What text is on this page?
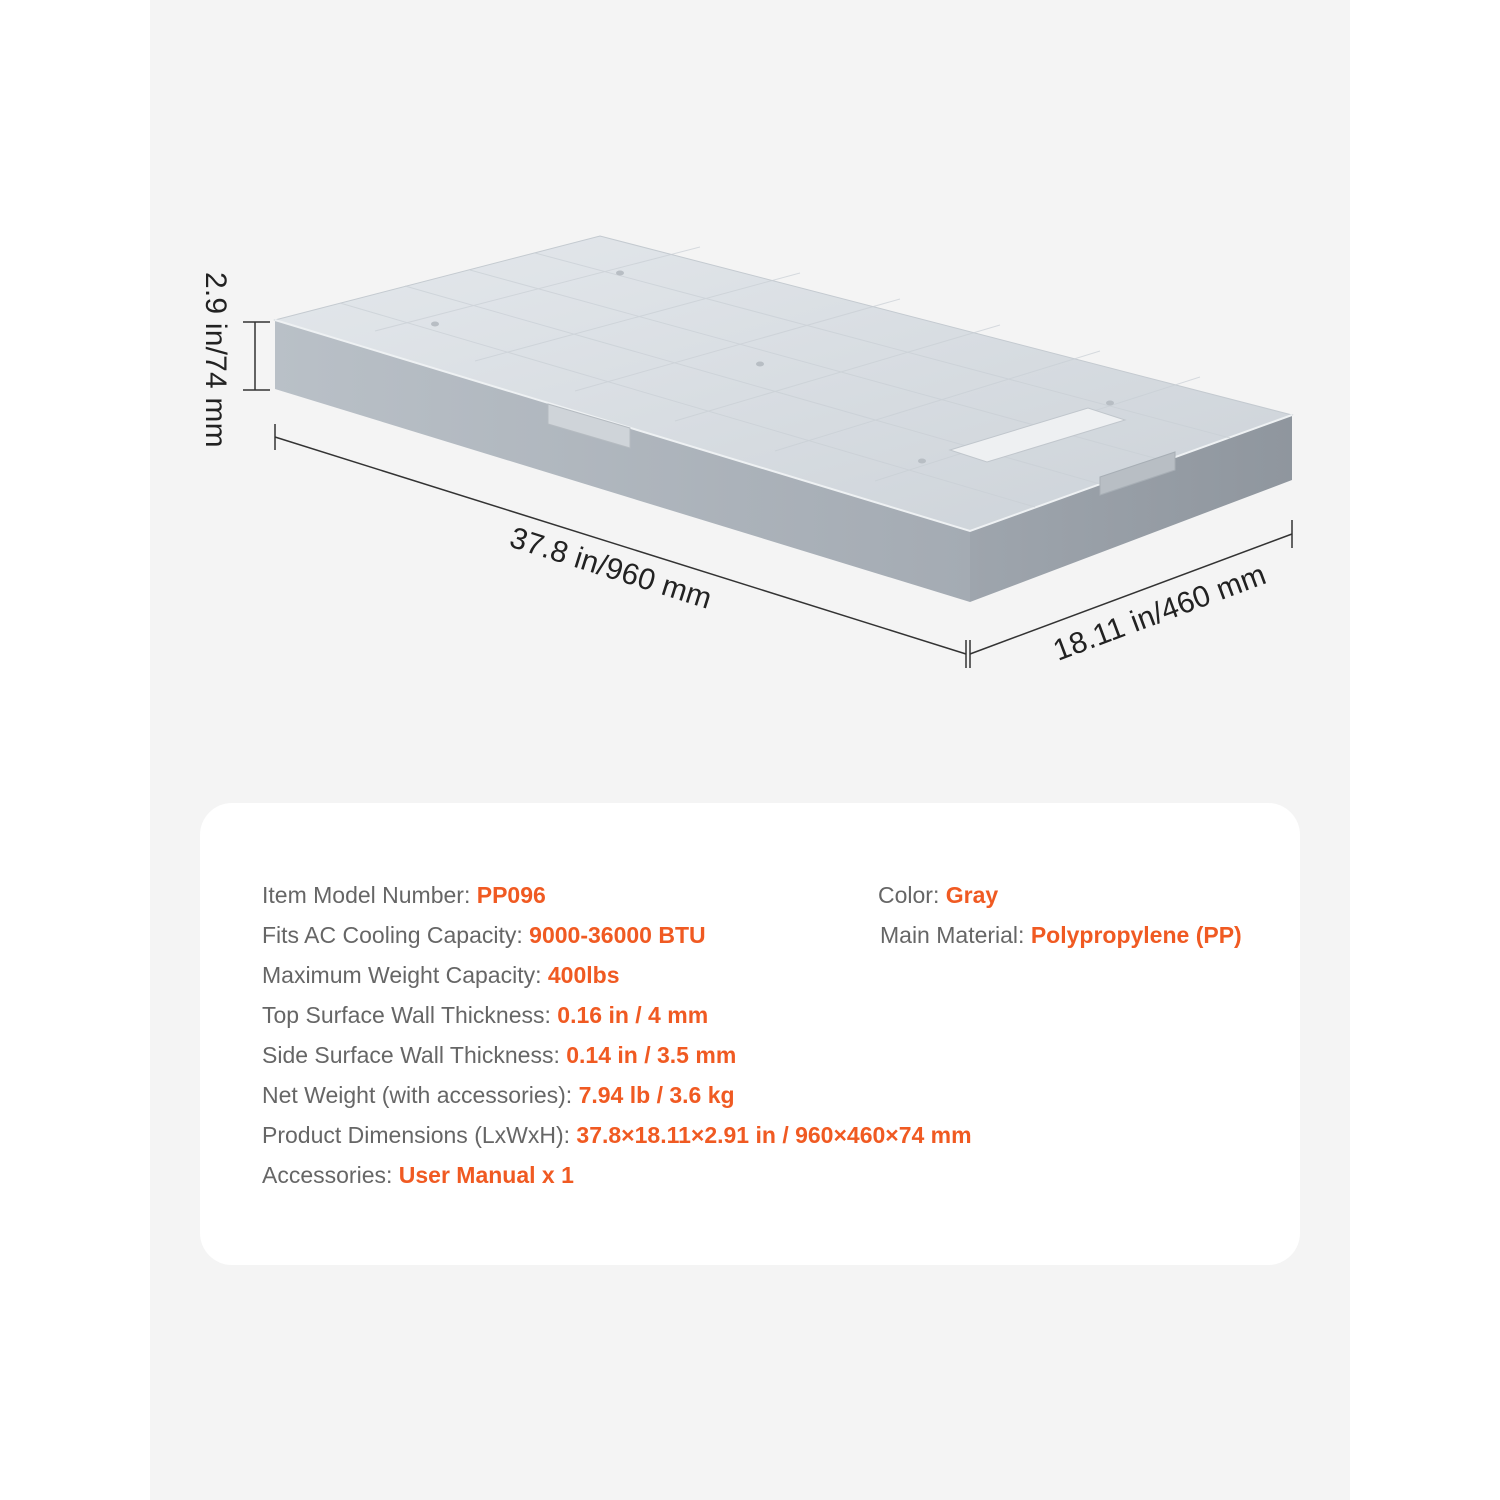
2.9 in/74 mm
37.8 in/960 mm	18.11 in/460 mm
Item Model Number: PP096
Fits AC Cooling Capacity: 9000-36000 BTU
Maximum Weight Capacity: 400lbs
Top Surface Wall Thickness: 0.16 in / 4 mm
Side Surface Wall Thickness: 0.14 in / 3.5 mm
Net Weight (with accessories): 7.94 lb / 3.6 kg
Product Dimensions (LxWxH): 37.8×18.11×2.91 in / 960×460×74 mm
Accessories: User Manual x 1
Color: Gray
Main Material: Polypropylene (PP)
